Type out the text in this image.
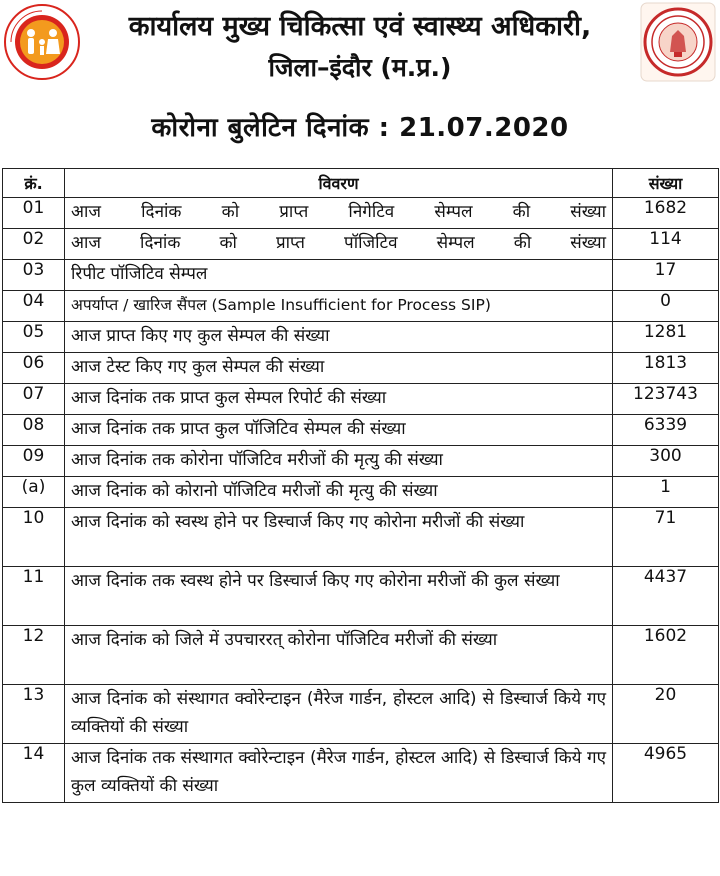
कार्यालय मुख्य चिकित्सा एवं स्वास्थ्य अधिकारी,
जिला–इंदौर (म.प्र.)
कोरोना बुलेटिन दिनांक : 21.07.2020
क्रं.	विवरण	संख्या
01	आज दिनांक को प्राप्त निगेटिव सेम्पल की संख्या	1682
02	आज दिनांक को प्राप्त पॉजिटिव सेम्पल की संख्या	114
03	रिपीट पॉजिटिव सेम्पल	17
04	अपर्याप्त / खारिज सैंपल (Sample Insufficient for Process SIP)	0
05	आज प्राप्त किए गए कुल सेम्पल की संख्या	1281
06	आज टेस्ट किए गए कुल सेम्पल की संख्या	1813
07	आज दिनांक तक प्राप्त कुल सेम्पल रिपोर्ट की संख्या	123743
08	आज दिनांक तक प्राप्त कुल पॉजिटिव सेम्पल की संख्या	6339
09	आज दिनांक तक कोरोना पॉजिटिव मरीजों की मृत्यु की संख्या	300
(a)	आज दिनांक को कोरानो पॉजिटिव मरीजों की मृत्यु की संख्या	1
10	आज दिनांक को स्वस्थ होने पर डिस्चार्ज किए गए कोरोना मरीजों की संख्या	71
11	आज दिनांक तक स्वस्थ होने पर डिस्चार्ज किए गए कोरोना मरीजों की कुल संख्या	4437
12	आज दिनांक को जिले में उपचाररत् कोरोना पॉजिटिव मरीजों की संख्या	1602
13	आज दिनांक को संस्थागत क्वोरेन्टाइन (मैरेज गार्डन, होस्टल आदि) से डिस्चार्ज किये गए व्यक्तियों की संख्या	20
14	आज दिनांक तक संस्थागत क्वोरेन्टाइन (मैरेज गार्डन, होस्टल आदि) से डिस्चार्ज किये गए कुल व्यक्तियों की संख्या	4965
